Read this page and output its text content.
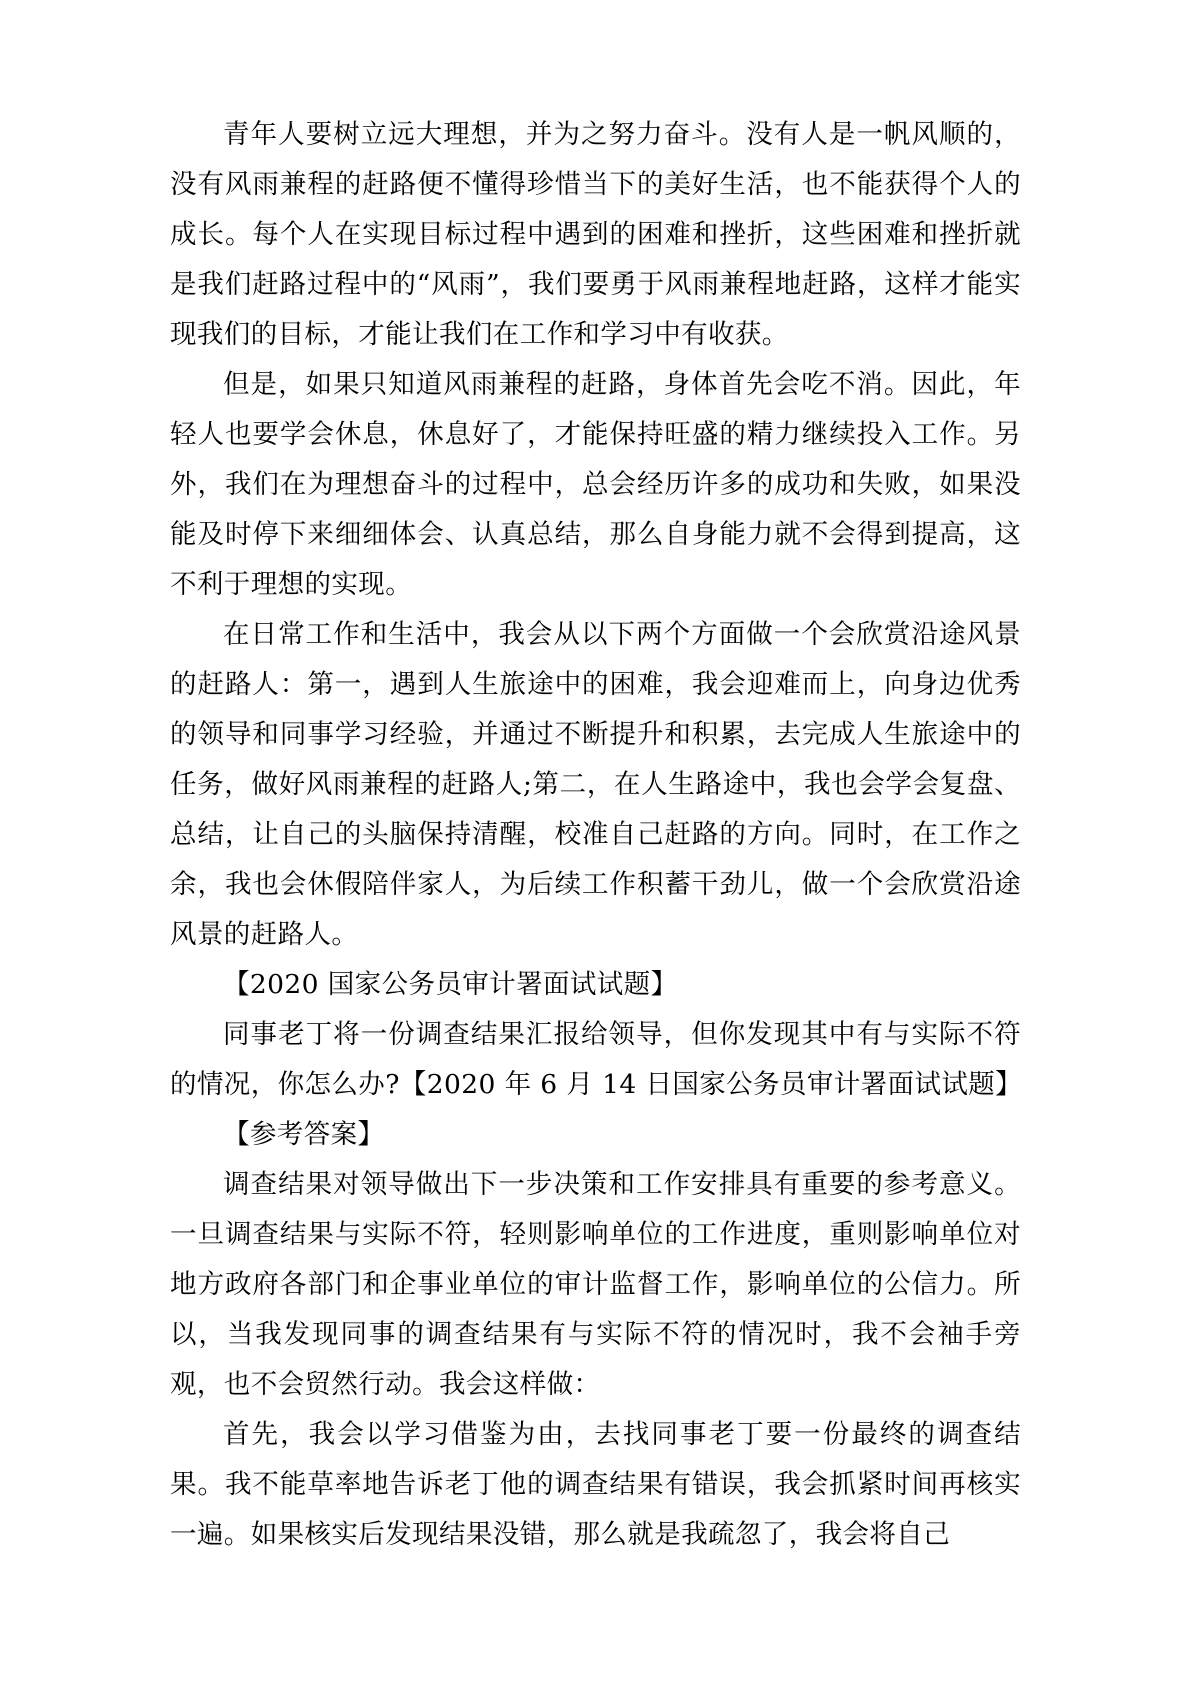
青年人要树立远大理想，并为之努力奋斗。没有人是一帆风顺的，没有风雨兼程的赶路便不懂得珍惜当下的美好生活，也不能获得个人的成长。每个人在实现目标过程中遇到的困难和挫折，这些困难和挫折就是我们赶路过程中的“风雨”，我们要勇于风雨兼程地赶路，这样才能实现我们的目标，才能让我们在工作和学习中有收获。

但是，如果只知道风雨兼程的赶路，身体首先会吃不消。因此，年轻人也要学会休息，休息好了，才能保持旺盛的精力继续投入工作。另外，我们在为理想奋斗的过程中，总会经历许多的成功和失败，如果没能及时停下来细细体会、认真总结，那么自身能力就不会得到提高，这不利于理想的实现。

在日常工作和生活中，我会从以下两个方面做一个会欣赏沿途风景的赶路人：第一，遇到人生旅途中的困难，我会迎难而上，向身边优秀的领导和同事学习经验，并通过不断提升和积累，去完成人生旅途中的任务，做好风雨兼程的赶路人;第二，在人生路途中，我也会学会复盘、总结，让自己的头脑保持清醒，校准自己赶路的方向。同时，在工作之余，我也会休假陪伴家人，为后续工作积蓄干劲儿，做一个会欣赏沿途风景的赶路人。

【2020 国家公务员审计署面试试题】

同事老丁将一份调查结果汇报给领导，但你发现其中有与实际不符的情况，你怎么办?【2020 年 6 月 14 日国家公务员审计署面试试题】

【参考答案】

调查结果对领导做出下一步决策和工作安排具有重要的参考意义。一旦调查结果与实际不符，轻则影响单位的工作进度，重则影响单位对地方政府各部门和企事业单位的审计监督工作，影响单位的公信力。所以，当我发现同事的调查结果有与实际不符的情况时，我不会袖手旁观，也不会贸然行动。我会这样做：

首先，我会以学习借鉴为由，去找同事老丁要一份最终的调查结果。我不能草率地告诉老丁他的调查结果有错误，我会抓紧时间再核实一遍。如果核实后发现结果没错，那么就是我疏忽了，我会将自己
